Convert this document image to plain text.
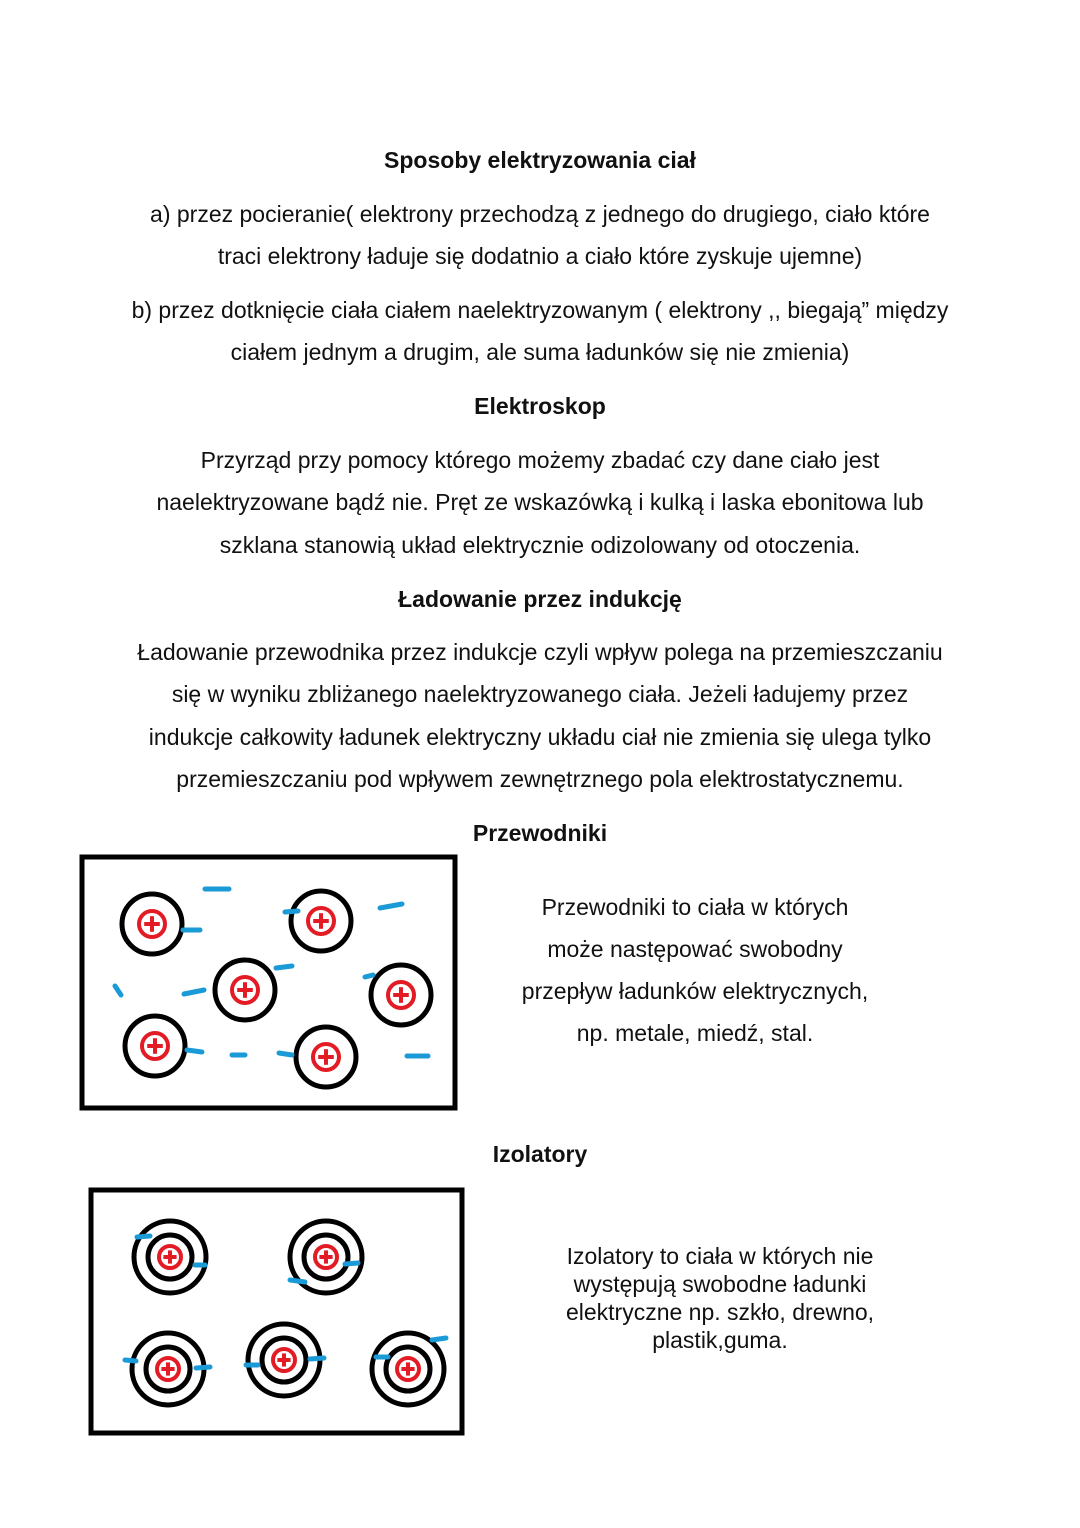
Sposoby elektryzowania ciał

a) przez pocieranie( elektrony przechodzą z jednego do drugiego, ciało które

traci elektrony ładuje się dodatnio a ciało które zyskuje ujemne)

b) przez dotknięcie ciała ciałem naelektryzowanym ( elektrony ,, biegają” między

ciałem jednym a drugim, ale suma ładunków się nie zmienia)

Elektroskop

Przyrząd przy pomocy którego możemy zbadać czy dane ciało jest

naelektryzowane bądź nie. Pręt ze wskazówką i kulką i laska ebonitowa lub

szklana stanowią układ elektrycznie odizolowany od otoczenia.

Ładowanie przez indukcję

Ładowanie przewodnika przez indukcje czyli wpływ polega na przemieszczaniu

się w wyniku zbliżanego naelektryzowanego ciała. Jeżeli ładujemy przez

indukcje całkowity ładunek elektryczny układu ciał nie zmienia się ulega tylko

przemieszczaniu pod wpływem zewnętrznego pola elektrostatycznemu.

Przewodniki

Przewodniki to ciała w których
może następować swobodny
przepływ ładunków elektrycznych,
np. metale, miedź, stal.

Izolatory

Izolatory to ciała w których nie
występują swobodne ładunki
elektryczne np. szkło, drewno,
plastik,guma.
